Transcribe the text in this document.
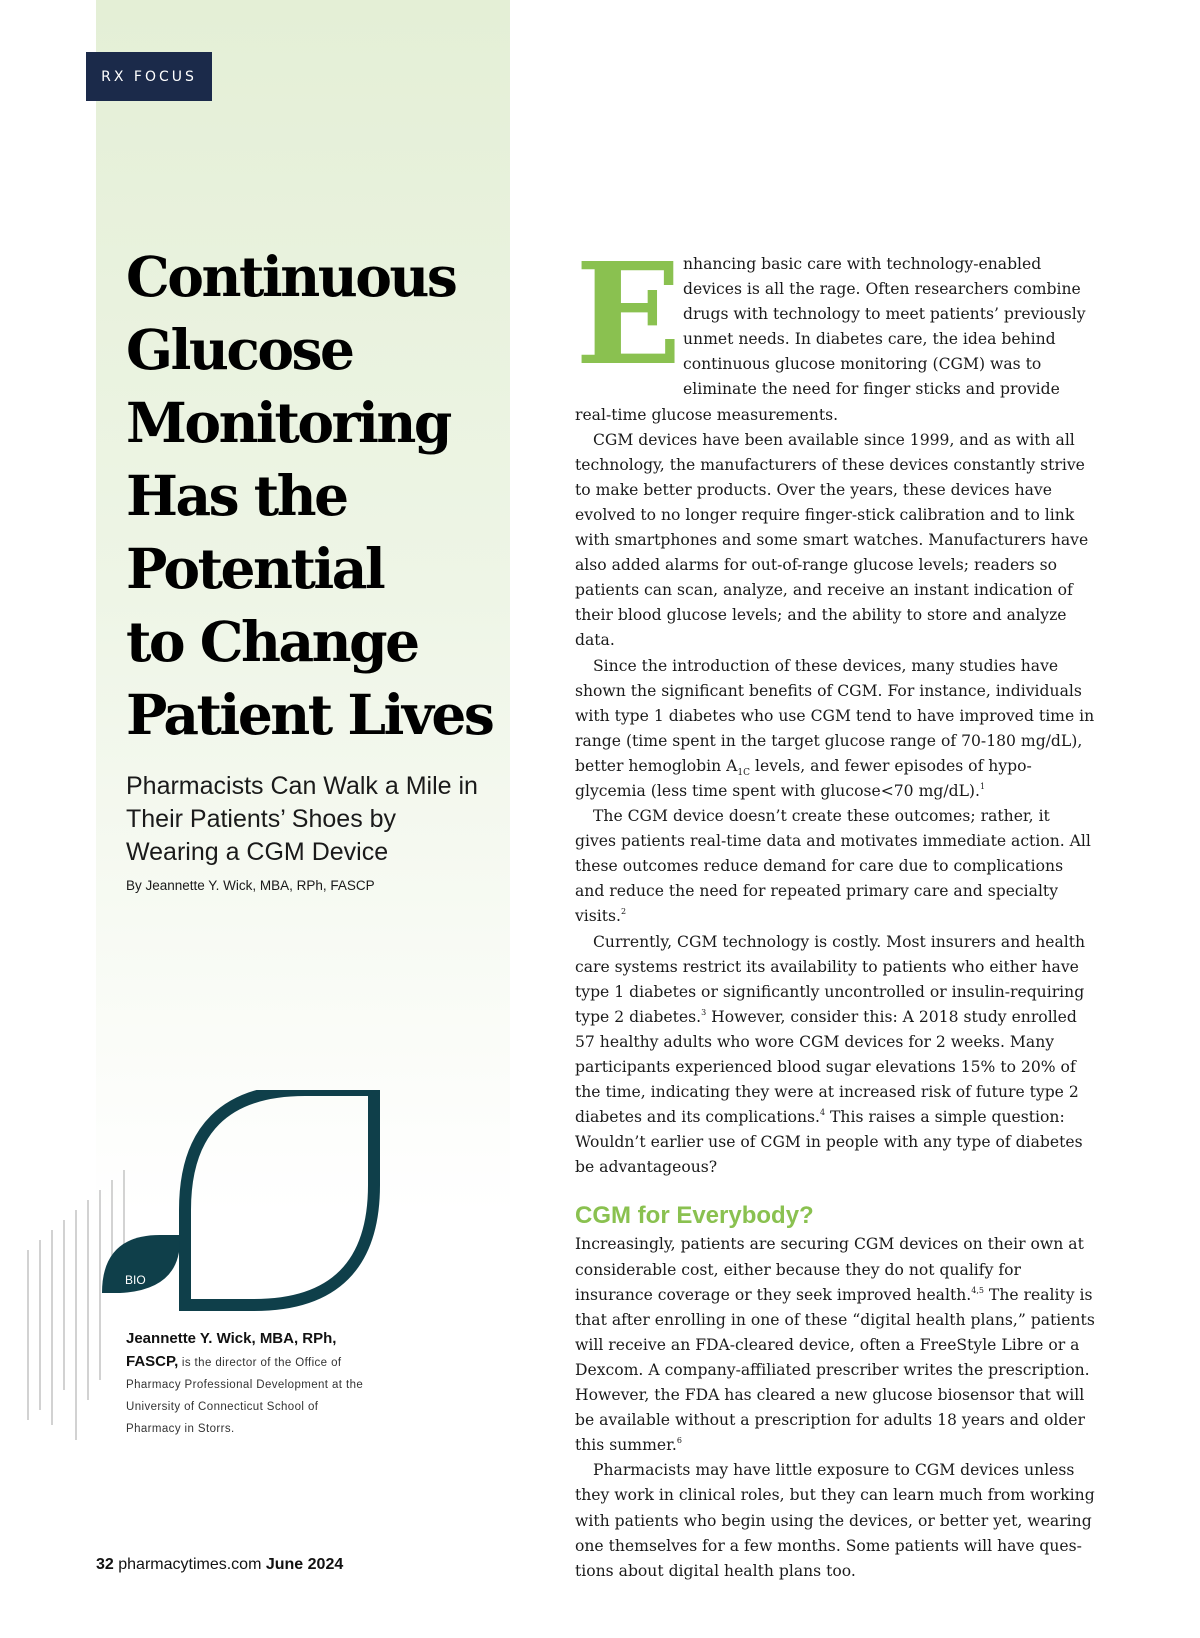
RX FOCUS
Continuous
Glucose
Monitoring
Has the
Potential
to Change
Patient Lives
Pharmacists Can Walk a Mile in Their Patients’ Shoes by Wearing a CGM Device
By Jeannette Y. Wick, MBA, RPh, FASCP
BIO
Jeannette Y. Wick, MBA, RPh, FASCP, is the director of the Office of Pharmacy Professional Development at the University of Connecticut School of Pharmacy in Storrs.

Enhancing basic care with technology-enabled devices is all the rage. Often researchers combine drugs with technology to meet patients’ previously unmet needs. In diabetes care, the idea behind continuous glucose monitoring (CGM) was to eliminate the need for finger sticks and provide real-time glucose measurements.

CGM devices have been available since 1999, and as with all technology, the manufacturers of these devices constantly strive to make better products. Over the years, these devices have evolved to no longer require finger-stick calibration and to link with smartphones and some smart watches. Manufacturers have also added alarms for out-of-range glucose levels; readers so patients can scan, analyze, and receive an instant indication of their blood glucose levels; and the ability to store and analyze data.

Since the introduction of these devices, many studies have shown the significant benefits of CGM. For instance, individuals with type 1 diabetes who use CGM tend to have improved time in range (time spent in the target glucose range of 70-180 mg/dL), better hemoglobin $A_{1C}$ levels, and fewer episodes of hypoglycemia (less time spent with glucose<70 mg/dL).$^1$

The CGM device doesn’t create these outcomes; rather, it gives patients real-time data and motivates immediate action. All these outcomes reduce demand for care due to complications and reduce the need for repeated primary care and specialty visits.$^2$

Currently, CGM technology is costly. Most insurers and health care systems restrict its availability to patients who either have type 1 diabetes or significantly uncontrolled or insulin-requiring type 2 diabetes.$^3$ However, consider this: A 2018 study enrolled 57 healthy adults who wore CGM devices for 2 weeks. Many participants experienced blood sugar elevations 15% to 20% of the time, indicating they were at increased risk of future type 2 diabetes and its complications.$^4$ This raises a simple question: Wouldn’t earlier use of CGM in people with any type of diabetes be advantageous?

CGM for Everybody?

Increasingly, patients are securing CGM devices on their own at considerable cost, either because they do not qualify for insurance coverage or they seek improved health.$^{4,5}$ The reality is that after enrolling in one of these “digital health plans,” patients will receive an FDA-cleared device, often a FreeStyle Libre or a Dexcom. A company-affiliated prescriber writes the prescription. However, the FDA has cleared a new glucose biosensor that will be available without a prescription for adults 18 years and older this summer.$^6$

Pharmacists may have little exposure to CGM devices unless they work in clinical roles, but they can learn much from working with patients who begin using the devices, or better yet, wearing one themselves for a few months. Some patients will have questions about digital health plans too.

32 pharmacytimes.com June 2024
